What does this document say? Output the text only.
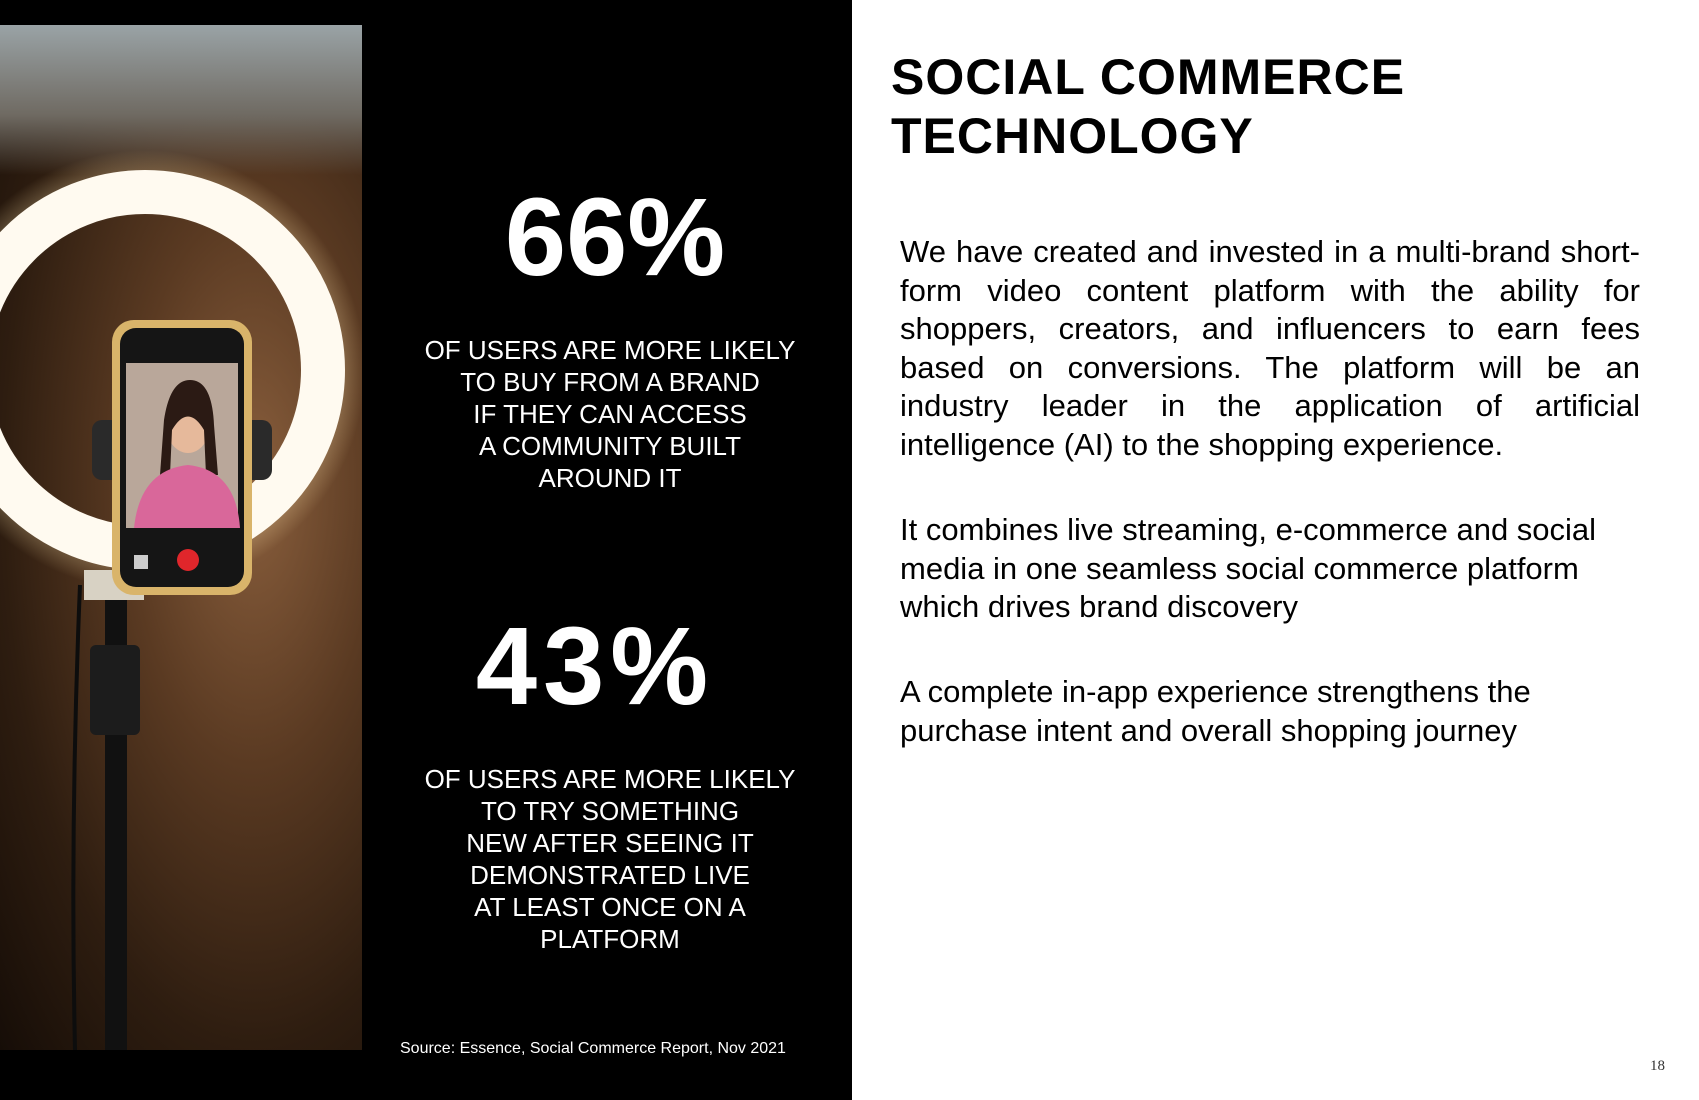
66%

OF USERS ARE MORE LIKELY
TO BUY FROM A BRAND
IF THEY CAN ACCESS
A COMMUNITY BUILT
AROUND IT

43%

OF USERS ARE MORE LIKELY
TO TRY SOMETHING
NEW AFTER SEEING IT
DEMONSTRATED LIVE
AT LEAST ONCE ON A
PLATFORM

Source: Essence, Social Commerce Report, Nov 2021

SOCIAL COMMERCE
TECHNOLOGY

We have created and invested in a multi-brand short-form video content platform with the ability for shoppers, creators, and influencers to earn fees based on conversions. The platform will be an industry leader in the application of artificial intelligence (AI) to the shopping experience.

It combines live streaming, e-commerce and social media in one seamless social commerce platform which drives brand discovery

A complete in-app experience strengthens the purchase intent and overall shopping journey

18
